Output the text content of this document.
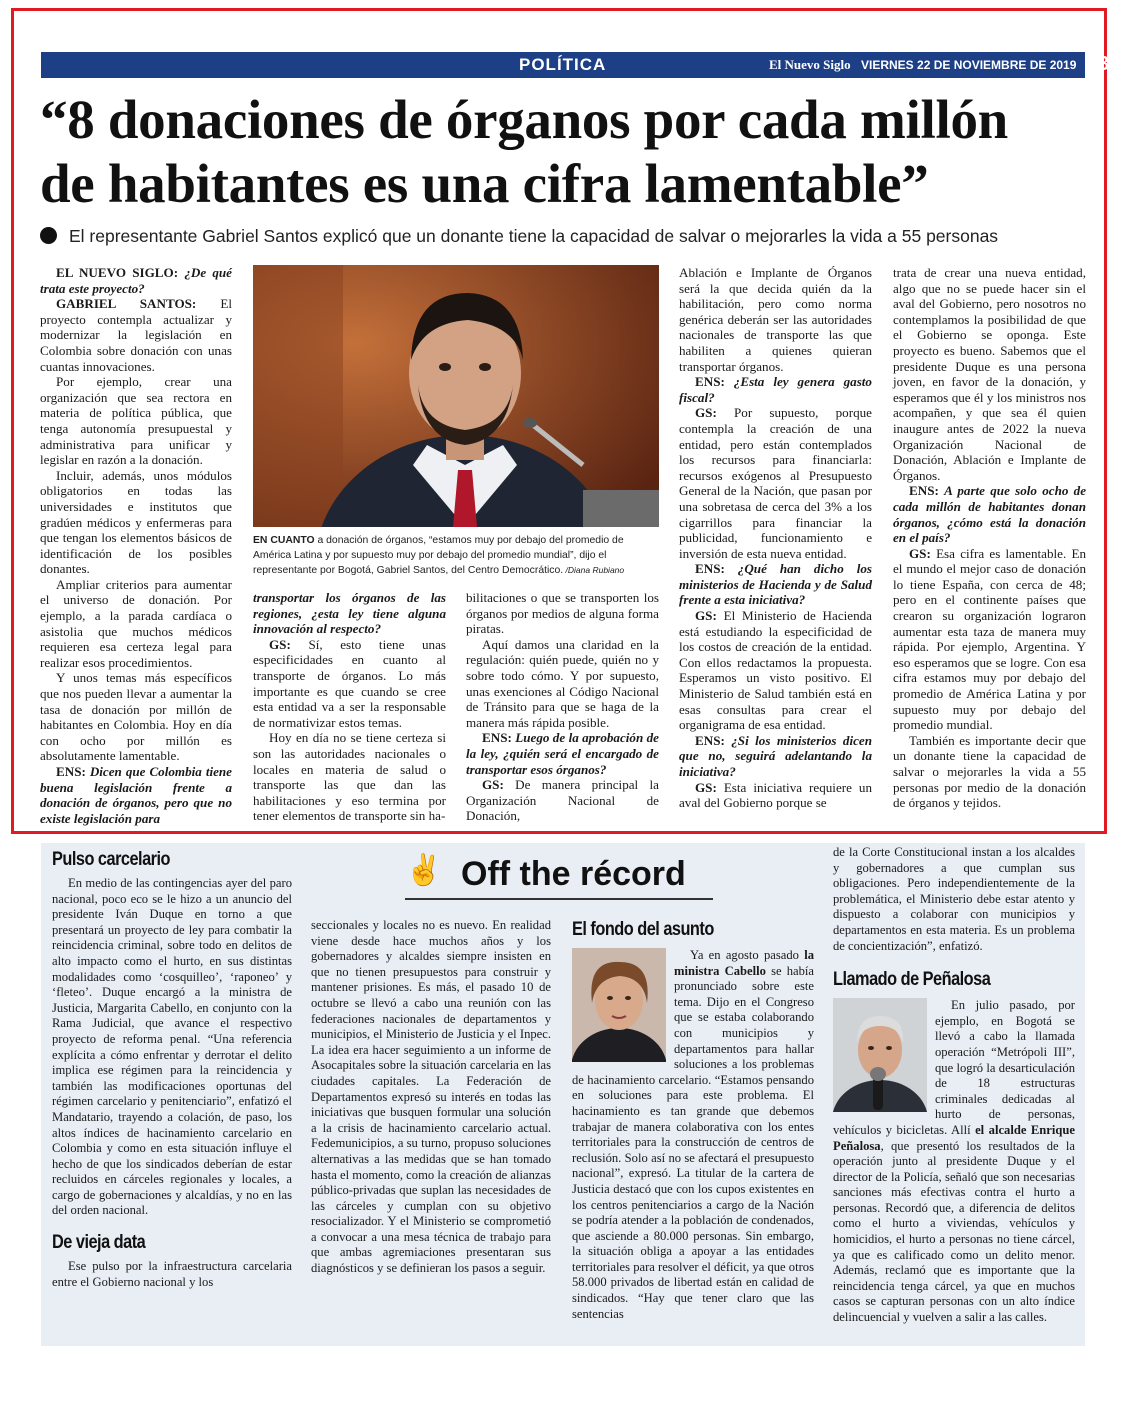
POLÍTICA	El Nuevo Siglo VIERNES 22 DE NOVIEMBRE DE 2019 13A
“8 donaciones de órganos por cada millón
de habitantes es una cifra lamentable”
El representante Gabriel Santos explicó que un donante tiene la capacidad de salvar o mejorarles la vida a 55 personas

EL NUEVO SIGLO: ¿De qué trata este proyecto?

GABRIEL SANTOS: El proyecto contempla actualizar y modernizar la legislación en Colombia sobre donación con unas cuantas innovaciones.

Por ejemplo, crear una organización que sea rectora en materia de política pública, que tenga autonomía presupuestal y administrativa para unificar y legislar en razón a la donación.

Incluir, además, unos módulos obligatorios en todas las universidades e institutos que gradúen médicos y enfermeras para que tengan los elementos básicos de identificación de los posibles donantes.

Ampliar criterios para aumentar el universo de donación. Por ejemplo, a la parada cardíaca o asistolia que muchos médicos requieren esa certeza legal para realizar esos procedimientos.

Y unos temas más específicos que nos pueden llevar a aumentar la tasa de donación por millón de habitantes en Colombia. Hoy en día con ocho por millón es absolutamente lamentable.

ENS: Dicen que Colombia tiene buena legislación frente a donación de órganos, pero que no existe legislación para

transportar los órganos de las regiones, ¿esta ley tiene alguna innovación al respecto?

GS: Sí, esto tiene unas especificidades en cuanto al transporte de órganos. Lo más importante es que cuando se cree esta entidad va a ser la responsable de normativizar estos temas.

Hoy en día no se tiene certeza si son las autoridades nacionales o locales en materia de salud o transporte las que dan las habilitaciones y eso termina por tener elementos de transporte sin ha-

bilitaciones o que se transporten los órganos por medios de alguna forma piratas.

Aquí damos una claridad en la regulación: quién puede, quién no y sobre todo cómo. Y por supuesto, unas exenciones al Código Nacional de Tránsito para que se haga de la manera más rápida posible.

ENS: Luego de la aprobación de la ley, ¿quién será el encargado de transportar esos órganos?

GS: De manera principal la Organización Nacional de Donación,

Ablación e Implante de Órganos será la que decida quién da la habilitación, pero como norma genérica deberán ser las autoridades nacionales de transporte las que habiliten a quienes quieran transportar órganos.

ENS: ¿Esta ley genera gasto fiscal?

GS: Por supuesto, porque contempla la creación de una entidad, pero están contemplados los recursos para financiarla: recursos exógenos al Presupuesto General de la Nación, que pasan por una sobretasa de cerca del 3% a los cigarrillos para financiar la publicidad, funcionamiento e inversión de esta nueva entidad.

ENS: ¿Qué han dicho los ministerios de Hacienda y de Salud frente a esta iniciativa?

GS: El Ministerio de Hacienda está estudiando la especificidad de los costos de creación de la entidad. Con ellos redactamos la propuesta. Esperamos un visto positivo. El Ministerio de Salud también está en esas consultas para crear el organigrama de esa entidad.

ENS: ¿Si los ministerios dicen que no, seguirá adelantando la iniciativa?

GS: Esta iniciativa requiere un aval del Gobierno porque se

trata de crear una nueva entidad, algo que no se puede hacer sin el aval del Gobierno, pero nosotros no contemplamos la posibilidad de que el Gobierno se oponga. Este proyecto es bueno. Sabemos que el presidente Duque es una persona joven, en favor de la donación, y esperamos que él y los ministros nos acompañen, y que sea él quien inaugure antes de 2022 la nueva Organización Nacional de Donación, Ablación e Implante de Órganos.

ENS: A parte que solo ocho de cada millón de habitantes donan órganos, ¿cómo está la donación en el país?

GS: Esa cifra es lamentable. En el mundo el mejor caso de donación lo tiene España, con cerca de 48; pero en el continente países que crearon su organización lograron aumentar esta taza de manera muy rápida. Por ejemplo, Argentina. Y eso esperamos que se logre. Con esa cifra estamos muy por debajo del promedio de América Latina y por supuesto muy por debajo del promedio mundial.

También es importante decir que un donante tiene la capacidad de salvar o mejorarles la vida a 55 personas por medio de la donación de órganos y tejidos.

EN CUANTO a donación de órganos, “estamos muy por debajo del promedio de América Latina y por supuesto muy por debajo del promedio mundial”, dijo el representante por Bogotá, Gabriel Santos, del Centro Democrático. /Diana Rubiano
✌ Off the récord
Pulso carcelario

En medio de las contingencias ayer del paro nacional, poco eco se le hizo a un anuncio del presidente Iván Duque en torno a que presentará un proyecto de ley para combatir la reincidencia criminal, sobre todo en delitos de alto impacto como el hurto, en sus distintas modalidades como ‘cosquilleo’, ‘raponeo’ y ‘fleteo’. Duque encargó a la ministra de Justicia, Margarita Cabello, en conjunto con la Rama Judicial, que avance el respectivo proyecto de reforma penal. “Una referencia explícita a cómo enfrentar y derrotar el delito implica ese régimen para la reincidencia y también las modificaciones oportunas del régimen carcelario y penitenciario”, enfatizó el Mandatario, trayendo a colación, de paso, los altos índices de hacinamiento carcelario en Colombia y como en esta situación influye el hecho de que los sindicados deberían de estar recluidos en cárceles regionales y locales, a cargo de gobernaciones y alcaldías, y no en las del orden nacional.

De vieja data

Ese pulso por la infraestructura carcelaria entre el Gobierno nacional y los

seccionales y locales no es nuevo. En realidad viene desde hace muchos años y los gobernadores y alcaldes siempre insisten en que no tienen presupuestos para construir y mantener prisiones. Es más, el pasado 10 de octubre se llevó a cabo una reunión con las federaciones nacionales de departamentos y municipios, el Ministerio de Justicia y el Inpec. La idea era hacer seguimiento a un informe de Asocapitales sobre la situación carcelaria en las ciudades capitales. La Federación de Departamentos expresó su interés en todas las iniciativas que busquen formular una solución a la crisis de hacinamiento carcelario actual. Fedemunicipios, a su turno, propuso soluciones alternativas a las medidas que se han tomado hasta el momento, como la creación de alianzas público-privadas que suplan las necesidades de las cárceles y cumplan con su objetivo resocializador. Y el Ministerio se comprometió a convocar a una mesa técnica de trabajo para que ambas agremiaciones presentaran sus diagnósticos y se definieran los pasos a seguir.

El fondo del asunto

Ya en agosto pasado la ministra Cabello se había pronunciado sobre este tema. Dijo en el Congreso que se estaba colaborando con municipios y departamentos para hallar soluciones a los problemas de hacinamiento carcelario. “Estamos pensando en soluciones para este problema. El hacinamiento es tan grande que debemos trabajar de manera colaborativa con los entes territoriales para la construcción de centros de reclusión. Solo así no se afectará el presupuesto nacional”, expresó. La titular de la cartera de Justicia destacó que con los cupos existentes en los centros penitenciarios a cargo de la Nación se podría atender a la población de condenados, que asciende a 80.000 personas. Sin embargo, la situación obliga a apoyar a las entidades territoriales para resolver el déficit, ya que otros 58.000 privados de libertad están en calidad de sindicados. “Hay que tener claro que las sentencias

de la Corte Constitucional instan a los alcaldes y gobernadores a que cumplan sus obligaciones. Pero independientemente de la problemática, el Ministerio debe estar atento y dispuesto a colaborar con municipios y departamentos en esta materia. Es un problema de concientización”, enfatizó.

Llamado de Peñalosa

En julio pasado, por ejemplo, en Bogotá se llevó a cabo la llamada operación “Metrópoli III”, que logró la desarticulación de 18 estructuras criminales dedicadas al hurto de personas, vehículos y bicicletas. Allí el alcalde Enrique Peñalosa, que presentó los resultados de la operación junto al presidente Duque y el director de la Policía, señaló que son necesarias sanciones más efectivas contra el hurto a personas. Recordó que, a diferencia de delitos como el hurto a viviendas, vehículos y homicidios, el hurto a personas no tiene cárcel, ya que es calificado como un delito menor. Además, reclamó que es importante que la reincidencia tenga cárcel, ya que en muchos casos se capturan personas con un alto índice delincuencial y vuelven a salir a las calles.
